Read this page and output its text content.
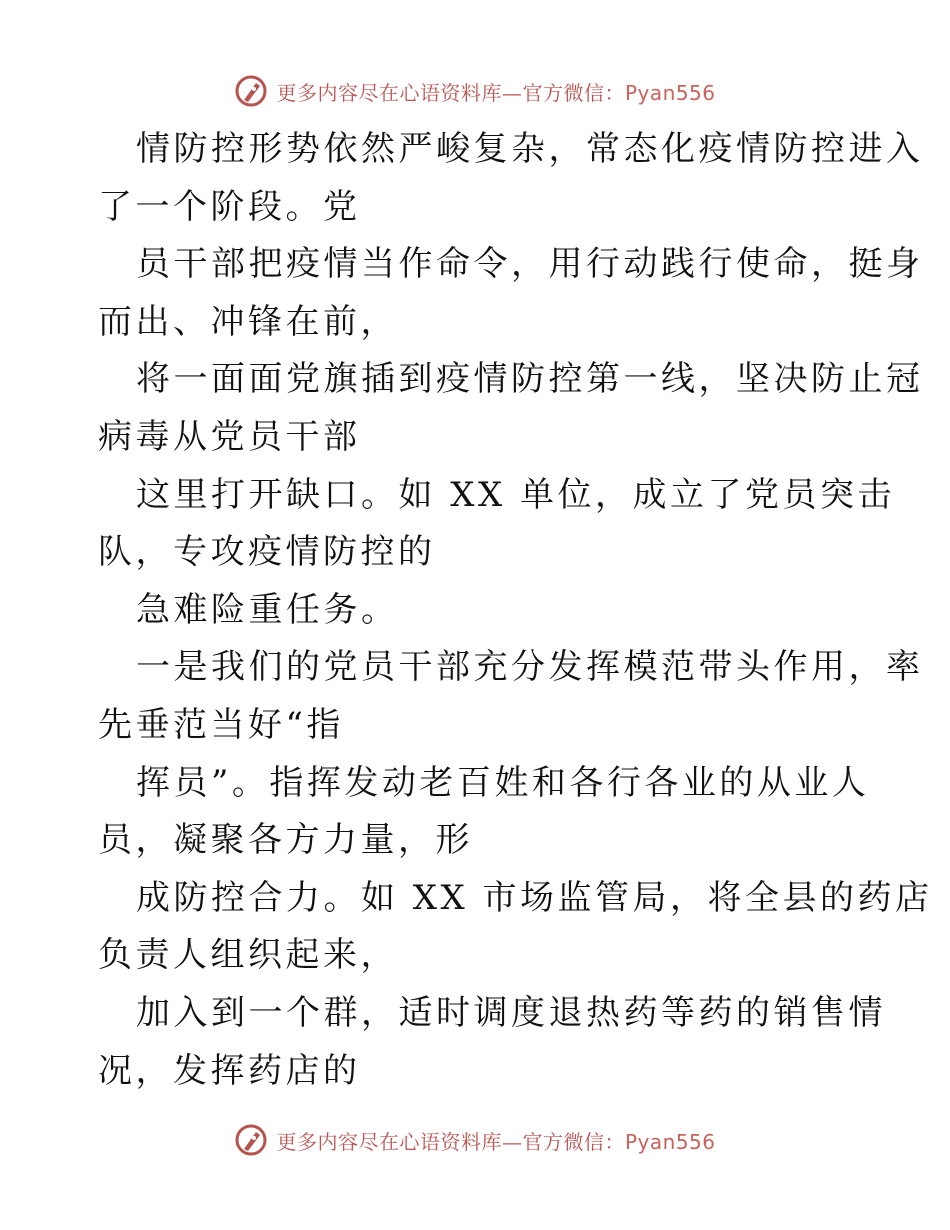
更多内容尽在心语资料库—官方微信：Pyan556
情防控形势依然严峻复杂，常态化疫情防控进入
了一个阶段。党
员干部把疫情当作命令，用行动践行使命，挺身
而出、冲锋在前，
将一面面党旗插到疫情防控第一线，坚决防止冠
病毒从党员干部
这里打开缺口。如 XX 单位，成立了党员突击
队，专攻疫情防控的
急难险重任务。
一是我们的党员干部充分发挥模范带头作用，率
先垂范当好“指
挥员”。指挥发动老百姓和各行各业的从业人
员，凝聚各方力量，形
成防控合力。如 XX 市场监管局，将全县的药店
负责人组织起来，
加入到一个群，适时调度退热药等药的销售情
况，发挥药店的
更多内容尽在心语资料库—官方微信：Pyan556
